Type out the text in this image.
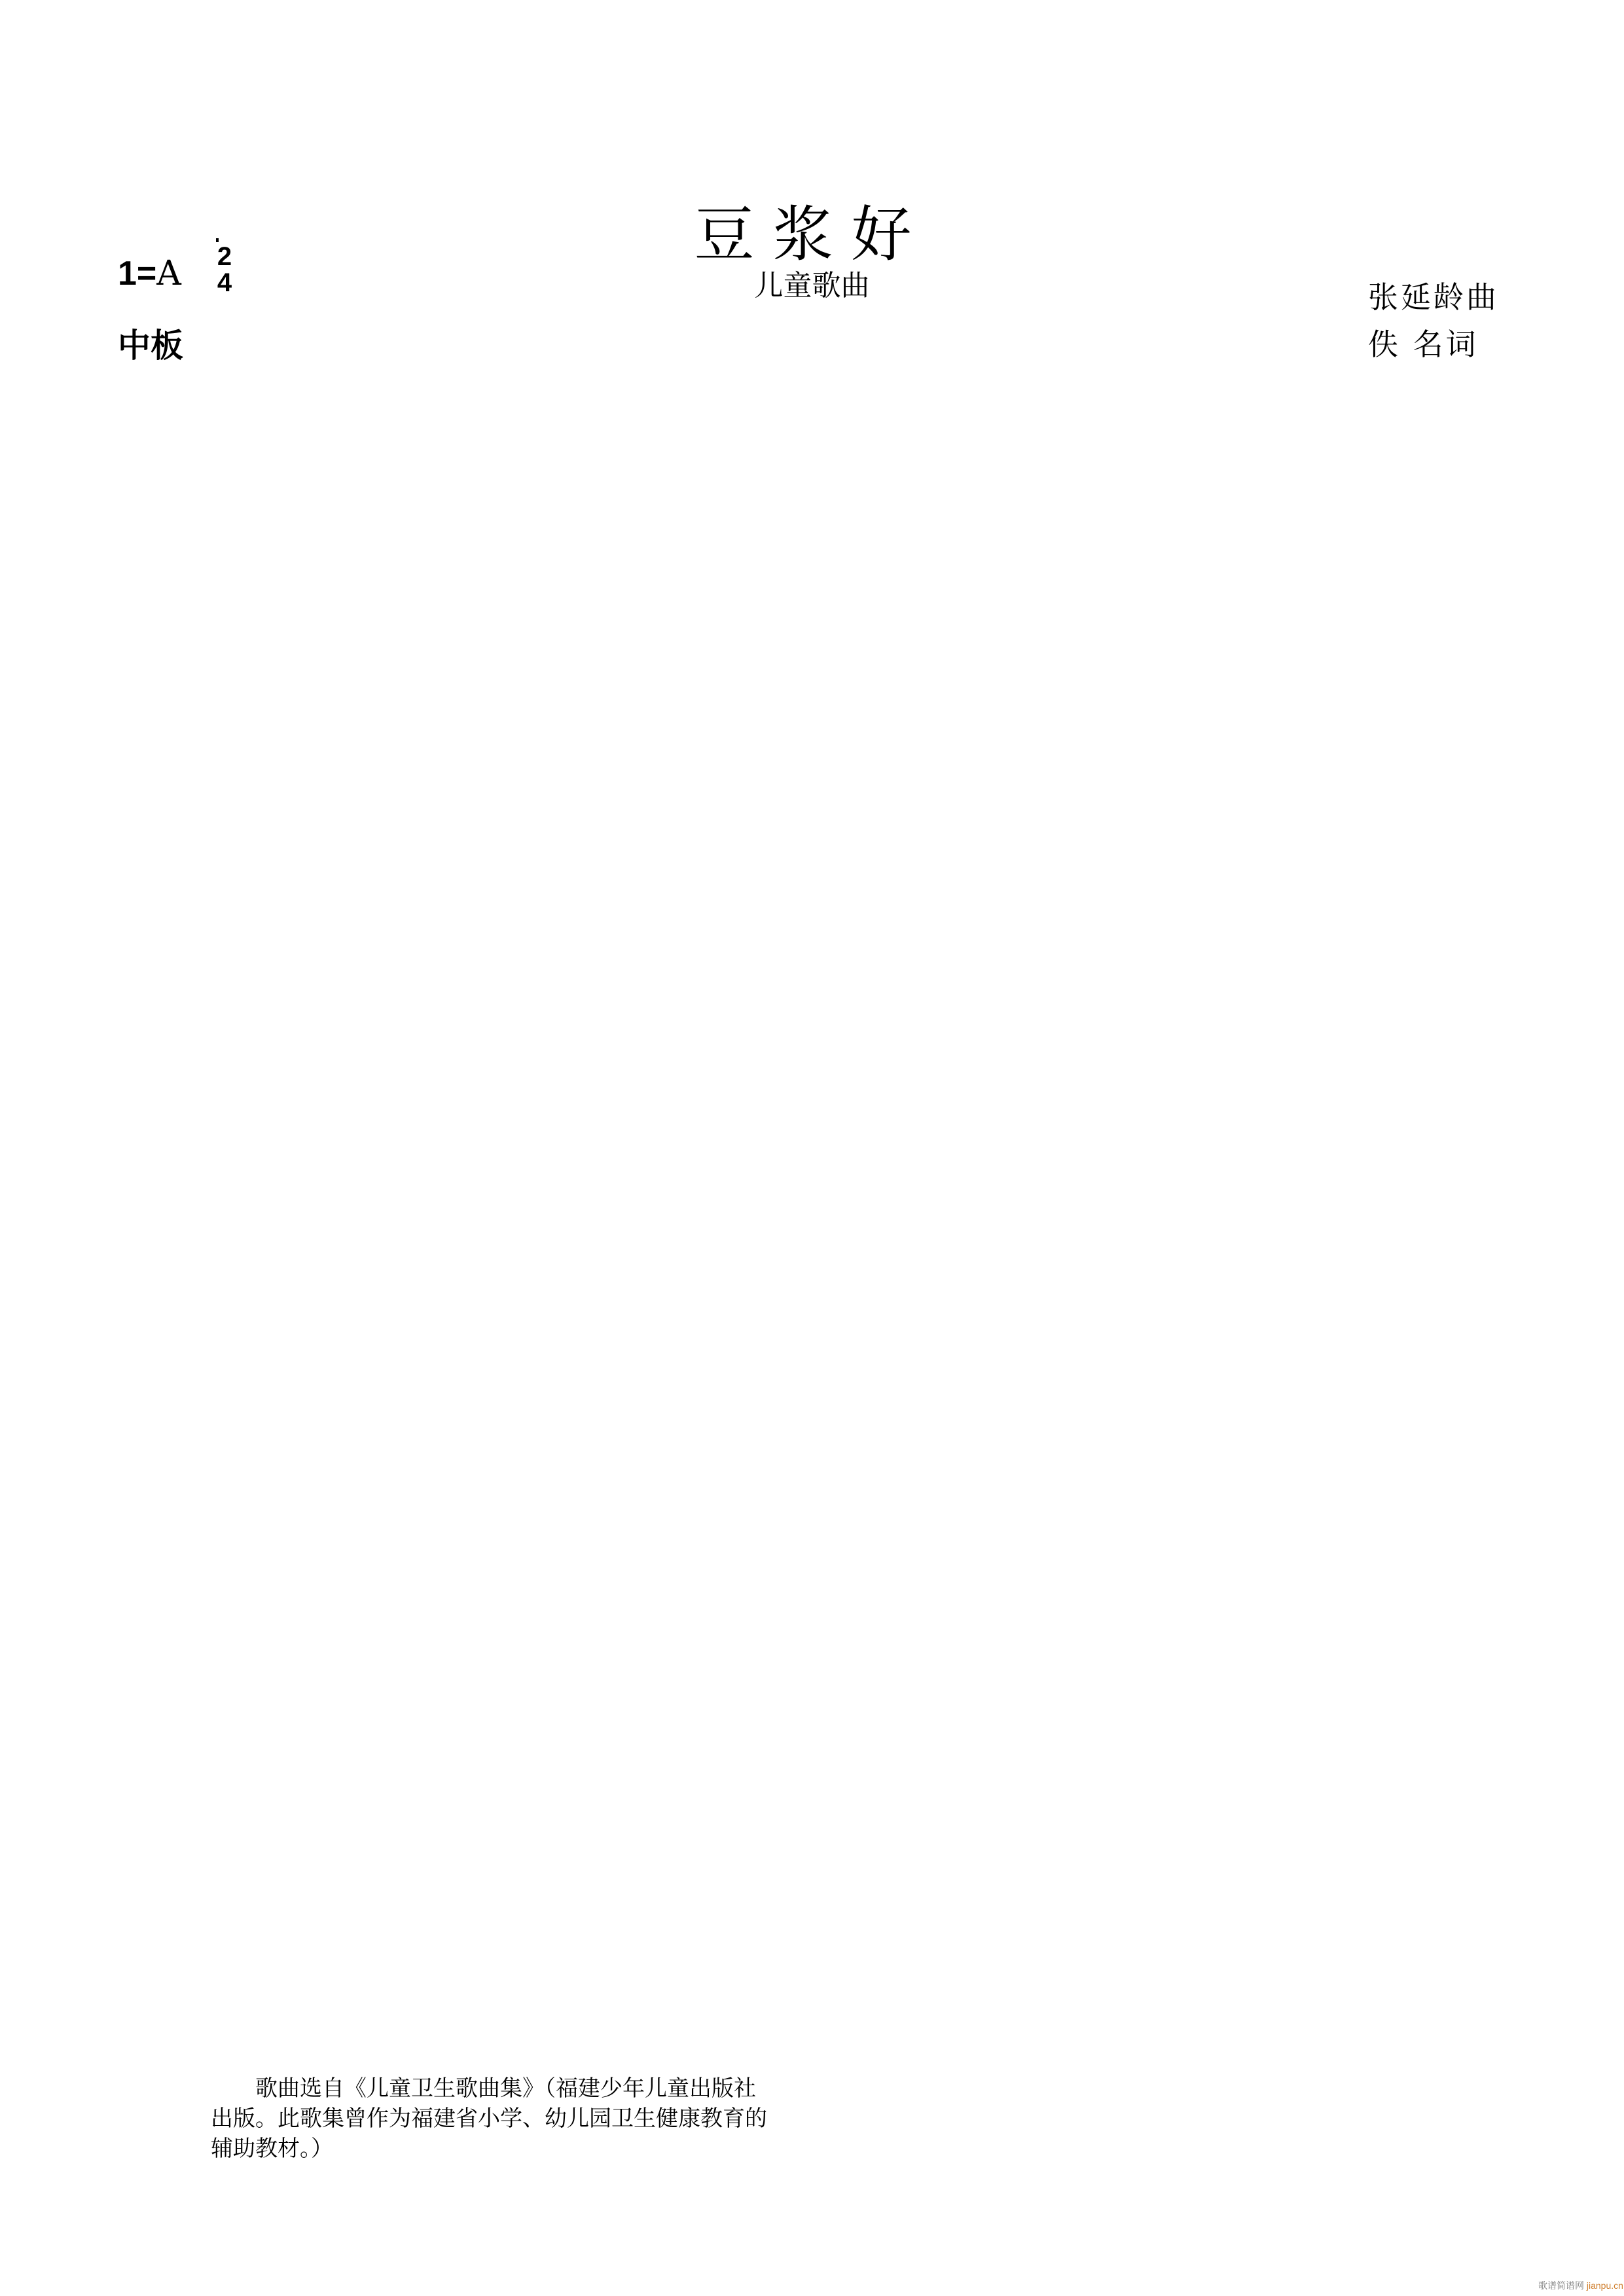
豆浆好
儿童歌曲
1=A 2
4
中板
张延龄曲
佚 名词

歌曲选自《儿童卫生歌曲集》（福建少年儿童出版社

出版。此歌集曾作为福建省小学、幼儿园卫生健康教育的

辅助教材。）

歌谱简谱网 jianpu.cn
